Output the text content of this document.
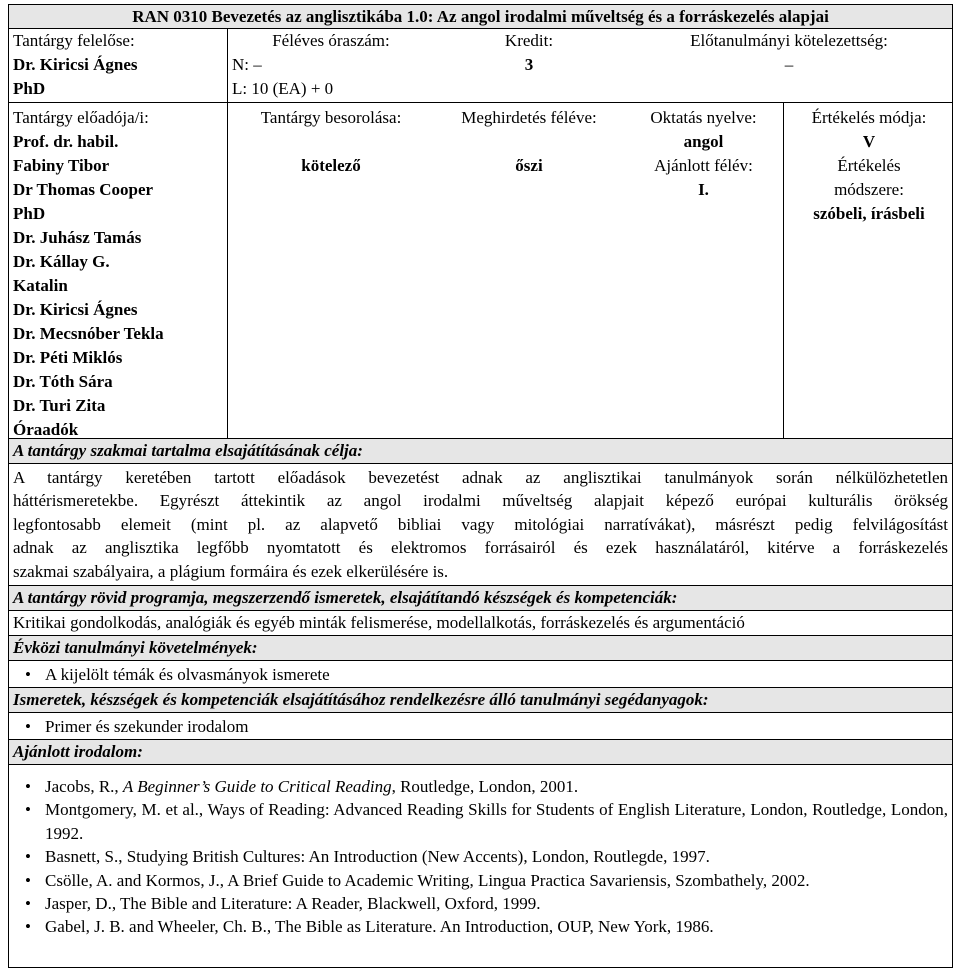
RAN 0310 Bevezetés az anglisztikába 1.0: Az angol irodalmi műveltség és a forráskezelés alapjai
Tantárgy felelőse:
Dr. Kiricsi Ágnes
PhD
Féléves óraszám:
N: –
L: 10 (EA) + 0
Kredit:
3
Előtanulmányi kötelezettség:
–
Tantárgy előadója/i:
Prof. dr. habil.
Fabiny Tibor
Dr Thomas Cooper
PhD
Dr. Juhász Tamás
Dr. Kállay G.
Katalin
Dr. Kiricsi Ágnes
Dr. Mecsnóber Tekla
Dr. Péti Miklós
Dr. Tóth Sára
Dr. Turi Zita
Óraadók
Tantárgy besorolása:
kötelező
Meghirdetés féléve:
őszi
Oktatás nyelve:
angol
Ajánlott félév:
I.
Értékelés módja:
V
Értékelés
módszere:
szóbeli, írásbeli
A tantárgy szakmai tartalma elsajátításának célja:
A tantárgy keretében tartott előadások bevezetést adnak az anglisztikai tanulmányok során nélkülözhetetlen
háttérismeretekbe. Egyrészt áttekintik az angol irodalmi műveltség alapjait képező európai kulturális örökség
legfontosabb elemeit (mint pl. az alapvető bibliai vagy mitológiai narratívákat), másrészt pedig felvilágosítást
adnak az anglisztika legfőbb nyomtatott és elektromos forrásairól és ezek használatáról, kitérve a forráskezelés
szakmai szabályaira, a plágium formáira és ezek elkerülésére is.
A tantárgy rövid programja, megszerzendő ismeretek, elsajátítandó készségek és kompetenciák:
Kritikai gondolkodás, analógiák és egyéb minták felismerése, modellalkotás, forráskezelés és argumentáció
Évközi tanulmányi követelmények:
• A kijelölt témák és olvasmányok ismerete
Ismeretek, készségek és kompetenciák elsajátításához rendelkezésre álló tanulmányi segédanyagok:
• Primer és szekunder irodalom
Ajánlott irodalom:
• Jacobs, R., A Beginner’s Guide to Critical Reading, Routledge, London, 2001.
• Montgomery, M. et al., Ways of Reading: Advanced Reading Skills for Students of English Literature, London, Routledge, London, 1992.
• Basnett, S., Studying British Cultures: An Introduction (New Accents), London, Routlegde, 1997.
• Csölle, A. and Kormos, J., A Brief Guide to Academic Writing, Lingua Practica Savariensis, Szombathely, 2002.
• Jasper, D., The Bible and Literature: A Reader, Blackwell, Oxford, 1999.
• Gabel, J. B. and Wheeler, Ch. B., The Bible as Literature. An Introduction, OUP, New York, 1986.
